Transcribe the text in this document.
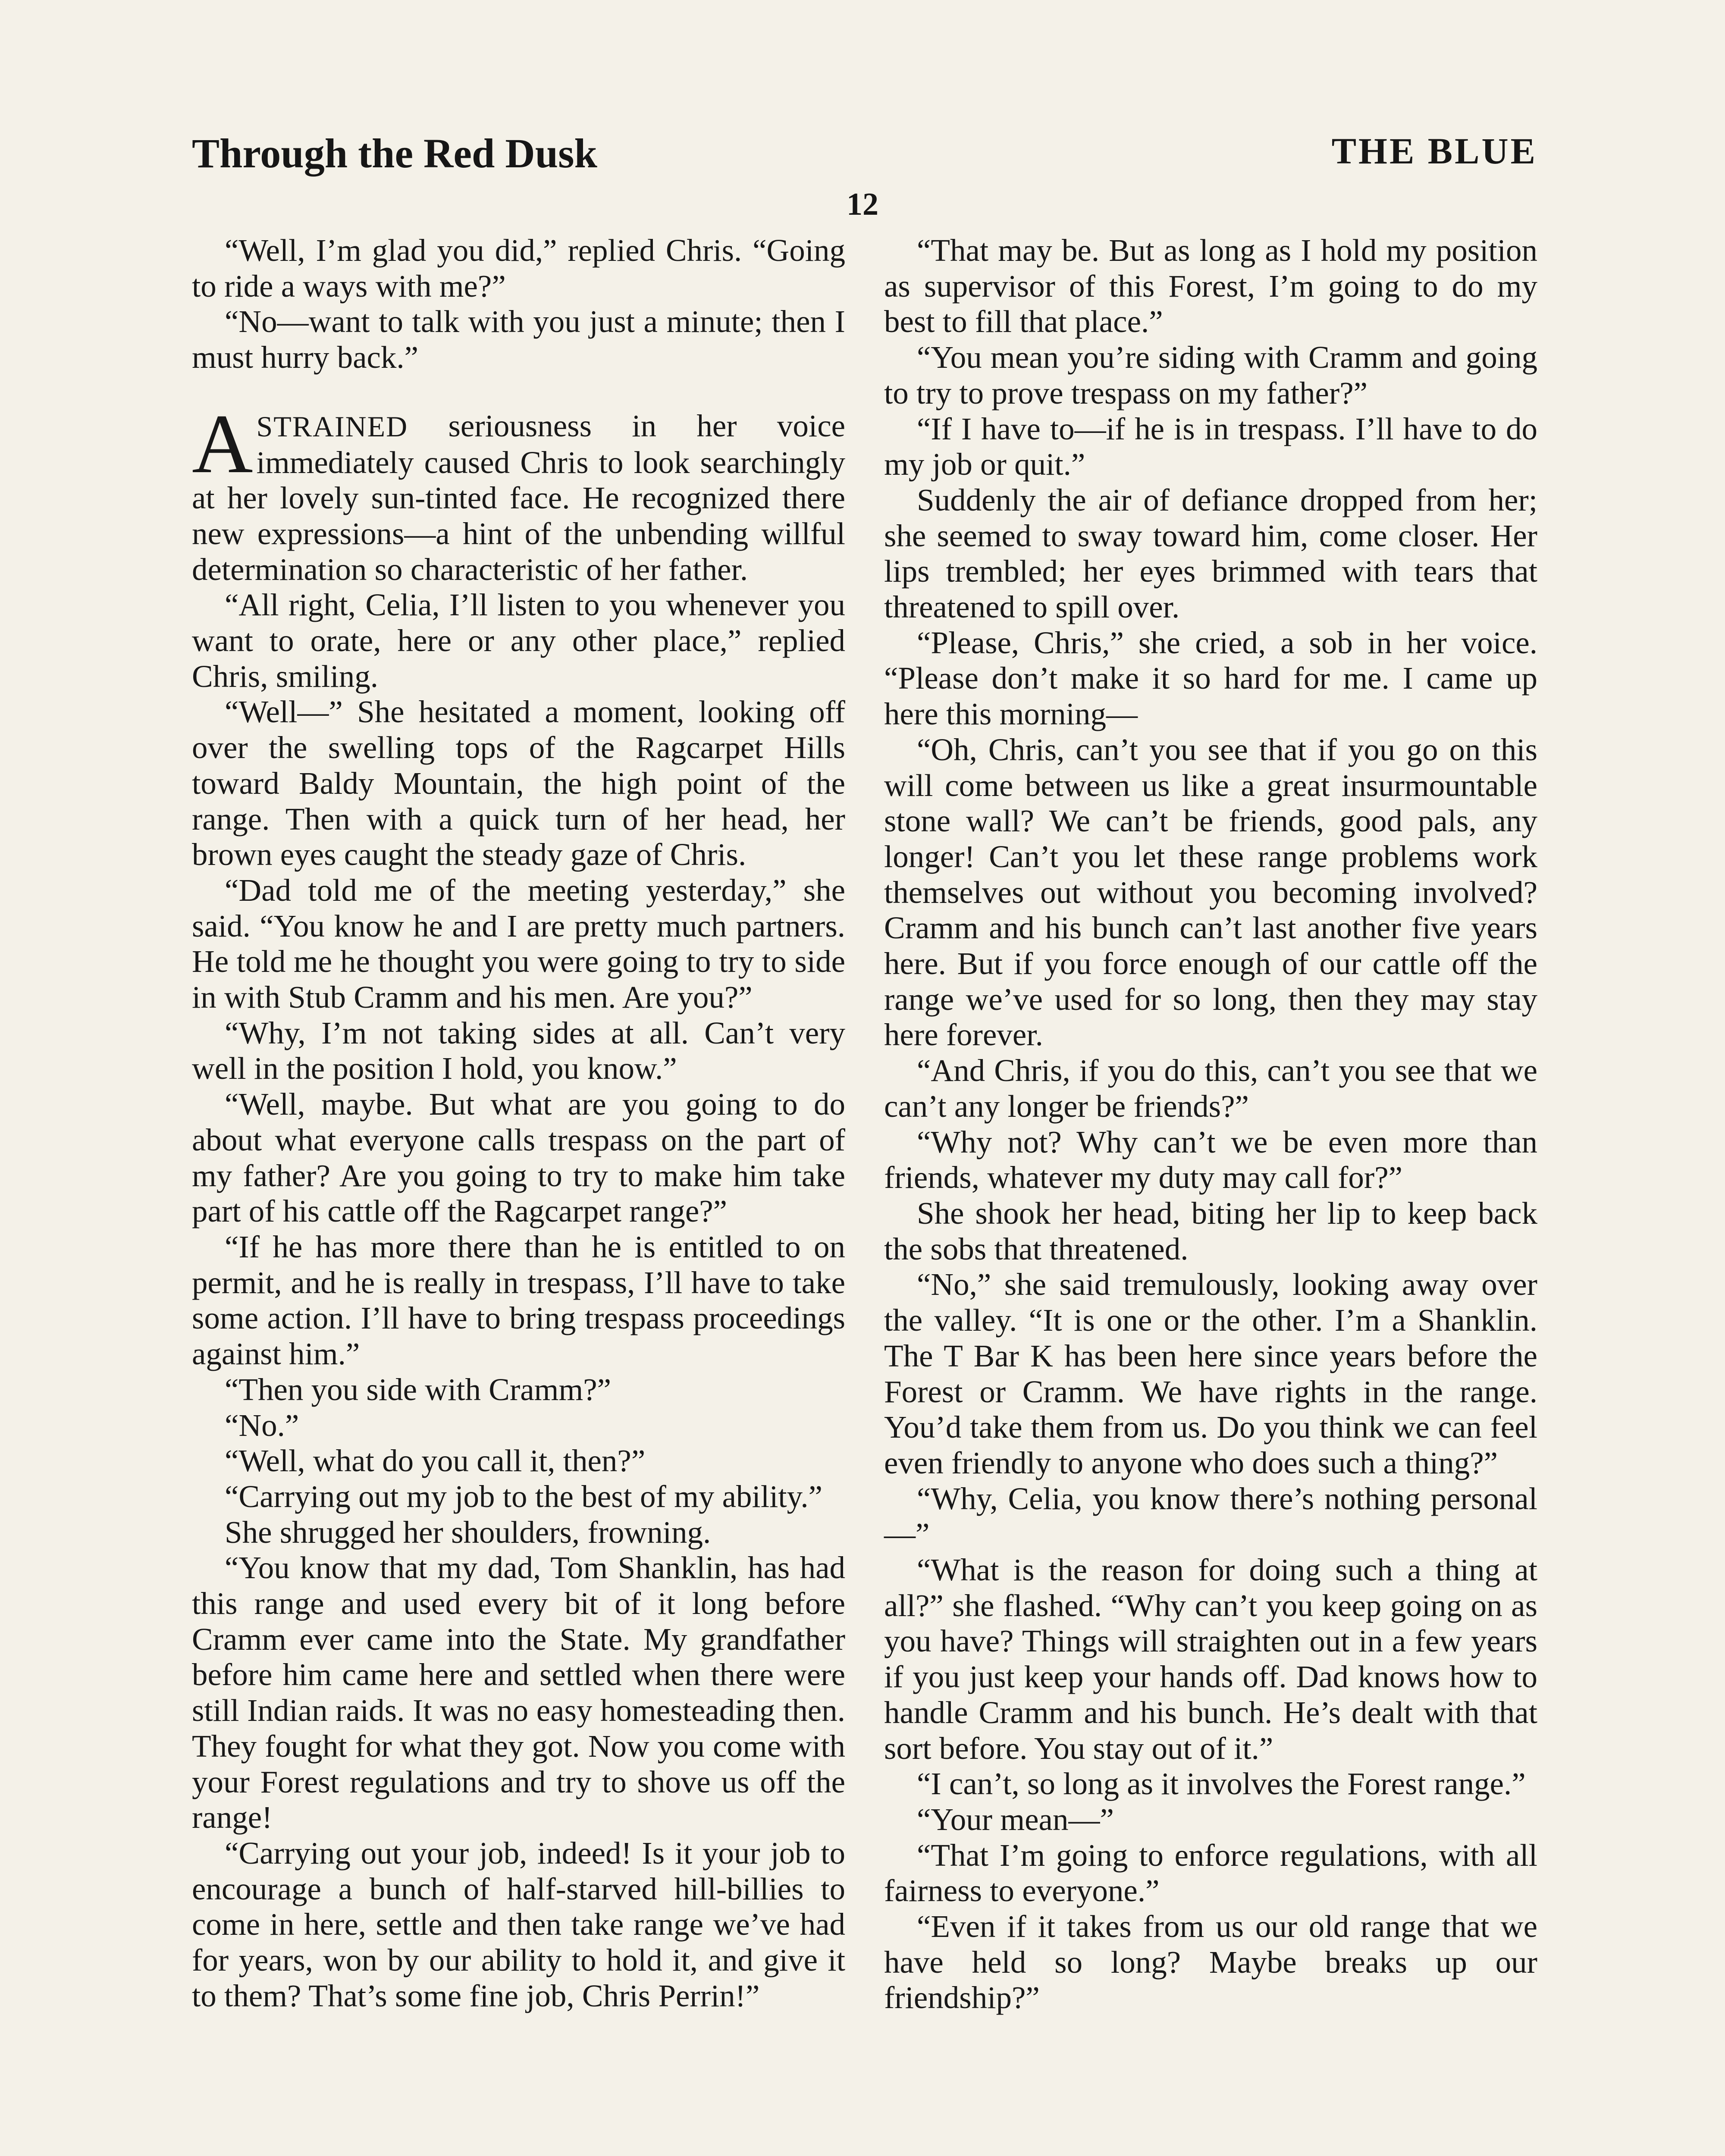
Through the Red Dusk	THE BLUE
12

“Well, I’m glad you did,” replied Chris. “Going to ride a ways with me?”

“No—want to talk with you just a minute; then I must hurry back.”

ASTRAINED seriousness in her voice immediately caused Chris to look searchingly at her lovely sun-tinted face. He recognized there new expressions—a hint of the unbending willful determination so characteristic of her father.

“All right, Celia, I’ll listen to you whenever you want to orate, here or any other place,” replied Chris, smiling.

“Well—” She hesitated a moment, looking off over the swelling tops of the Ragcarpet Hills toward Baldy Mountain, the high point of the range. Then with a quick turn of her head, her brown eyes caught the steady gaze of Chris.

“Dad told me of the meeting yesterday,” she said. “You know he and I are pretty much partners. He told me he thought you were going to try to side in with Stub Cramm and his men. Are you?”

“Why, I’m not taking sides at all. Can’t very well in the position I hold, you know.”

“Well, maybe. But what are you going to do about what everyone calls trespass on the part of my father? Are you going to try to make him take part of his cattle off the Ragcarpet range?”

“If he has more there than he is entitled to on permit, and he is really in trespass, I’ll have to take some action. I’ll have to bring trespass proceedings against him.”

“Then you side with Cramm?”

“No.”

“Well, what do you call it, then?”

“Carrying out my job to the best of my ability.”

She shrugged her shoulders, frowning.

“You know that my dad, Tom Shanklin, has had this range and used every bit of it long before Cramm ever came into the State. My grandfather before him came here and settled when there were still Indian raids. It was no easy homesteading then. They fought for what they got. Now you come with your Forest regulations and try to shove us off the range!

“Carrying out your job, indeed! Is it your job to encourage a bunch of half-starved hill-billies to come in here, settle and then take range we’ve had for years, won by our ability to hold it, and give it to them? That’s some fine job, Chris Perrin!”

“That may be. But as long as I hold my position as supervisor of this Forest, I’m going to do my best to fill that place.”

“You mean you’re siding with Cramm and going to try to prove trespass on my father?”

“If I have to—if he is in trespass. I’ll have to do my job or quit.”

Suddenly the air of defiance dropped from her; she seemed to sway toward him, come closer. Her lips trembled; her eyes brimmed with tears that threatened to spill over.

“Please, Chris,” she cried, a sob in her voice. “Please don’t make it so hard for me. I came up here this morning—

“Oh, Chris, can’t you see that if you go on this will come between us like a great insurmountable stone wall? We can’t be friends, good pals, any longer! Can’t you let these range problems work themselves out without you becoming involved? Cramm and his bunch can’t last another five years here. But if you force enough of our cattle off the range we’ve used for so long, then they may stay here forever.

“And Chris, if you do this, can’t you see that we can’t any longer be friends?”

“Why not? Why can’t we be even more than friends, whatever my duty may call for?”

She shook her head, biting her lip to keep back the sobs that threatened.

“No,” she said tremulously, looking away over the valley. “It is one or the other. I’m a Shanklin. The T Bar K has been here since years before the Forest or Cramm. We have rights in the range. You’d take them from us. Do you think we can feel even friendly to anyone who does such a thing?”

“Why, Celia, you know there’s nothing personal—”

“What is the reason for doing such a thing at all?” she flashed. “Why can’t you keep going on as you have? Things will straighten out in a few years if you just keep your hands off. Dad knows how to handle Cramm and his bunch. He’s dealt with that sort before. You stay out of it.”

“I can’t, so long as it involves the Forest range.”

“Your mean—”

“That I’m going to enforce regulations, with all fairness to everyone.”

“Even if it takes from us our old range that we have held so long? Maybe breaks up our friendship?”
